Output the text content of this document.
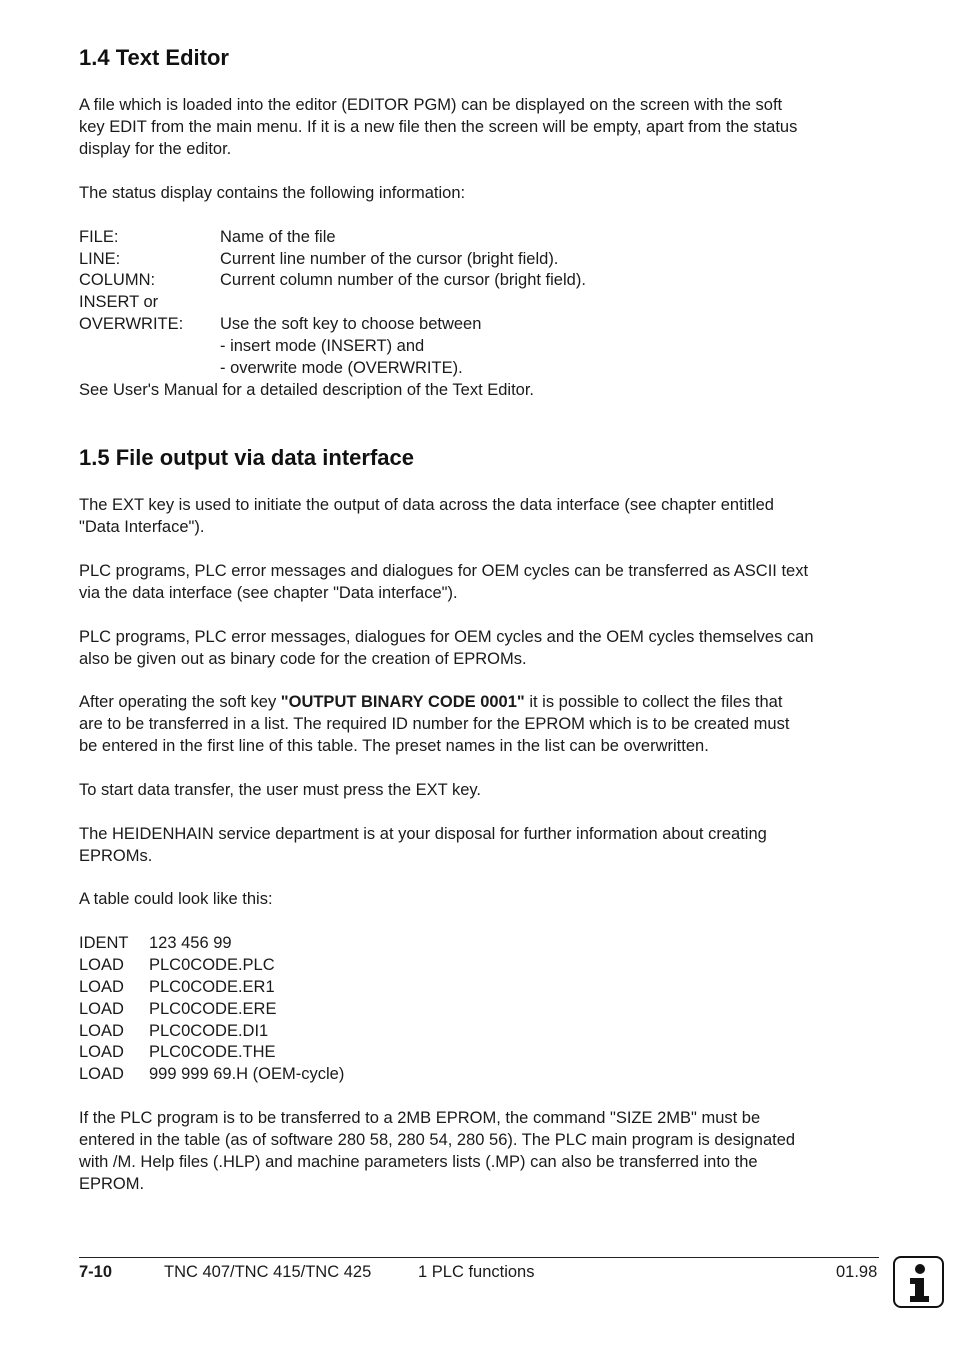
1.4 Text Editor
A file which is loaded into the editor (EDITOR PGM) can be displayed on the screen with the soft
key EDIT from the main menu. If it is a new file then the screen will be empty, apart from the status
display for the editor.
The status display contains the following information:
FILE:	Name of the file
LINE:	Current line number of the cursor (bright field).
COLUMN:	Current column number of the cursor (bright field).
INSERT or
OVERWRITE: Use the soft key to choose between
- insert mode (INSERT) and
- overwrite mode (OVERWRITE).
See User's Manual for a detailed description of the Text Editor.
1.5 File output via data interface
The EXT key is used to initiate the output of data across the data interface (see chapter entitled
"Data Interface").
PLC programs, PLC error messages and dialogues for OEM cycles can be transferred as ASCII text
via the data interface (see chapter "Data interface").
PLC programs, PLC error messages, dialogues for OEM cycles and the OEM cycles themselves can
also be given out as binary code for the creation of EPROMs.
After operating the soft key "OUTPUT BINARY CODE 0001" it is possible to collect the files that
are to be transferred in a list. The required ID number for the EPROM which is to be created must
be entered in the first line of this table. The preset names in the list can be overwritten.
To start data transfer, the user must press the EXT key.
The HEIDENHAIN service department is at your disposal for further information about creating
EPROMs.
A table could look like this:
IDENT 123 456 99
LOAD PLC0CODE.PLC
LOAD PLC0CODE.ER1
LOAD PLC0CODE.ERE
LOAD PLC0CODE.DI1
LOAD PLC0CODE.THE
LOAD 999 999 69.H (OEM-cycle)
If the PLC program is to be transferred to a 2MB EPROM, the command "SIZE 2MB" must be
entered in the table (as of software 280 58, 280 54, 280 56). The PLC main program is designated
with /M. Help files (.HLP) and machine parameters lists (.MP) can also be transferred into the
EPROM.
7-10	TNC 407/TNC 415/TNC 425	1 PLC functions	01.98
